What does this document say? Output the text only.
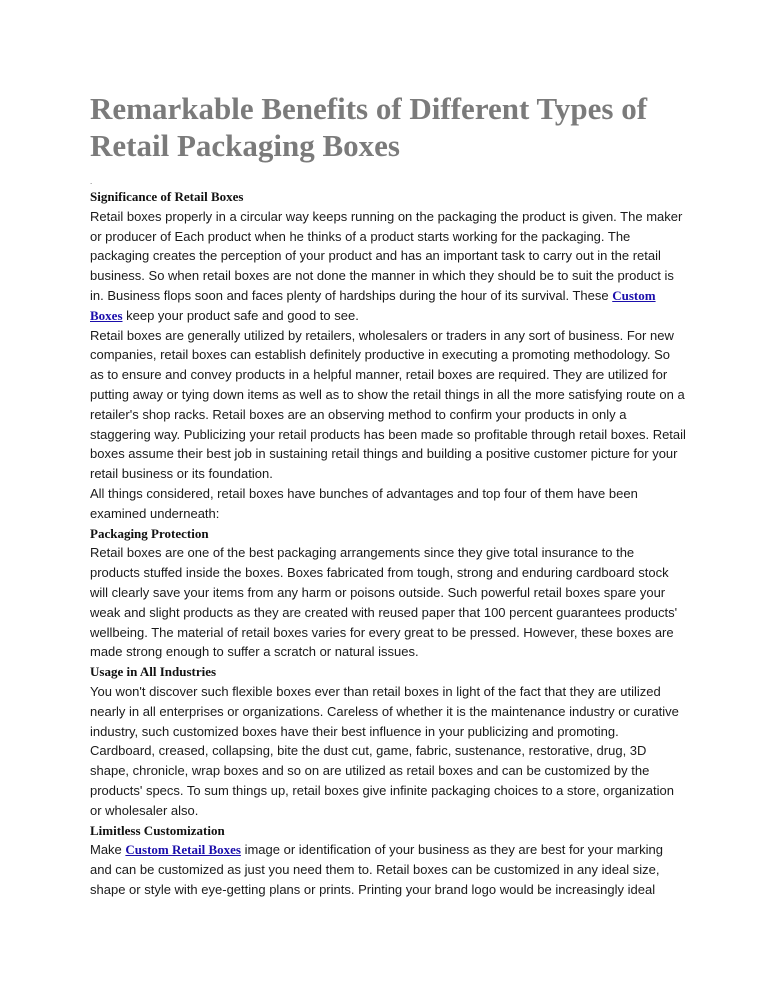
Remarkable Benefits of Different Types of Retail Packaging Boxes
.
Significance of Retail Boxes

Retail boxes properly in a circular way keeps running on the packaging the product is given. The maker or producer of Each product when he thinks of a product starts working for the packaging. The packaging creates the perception of your product and has an important task to carry out in the retail business. So when retail boxes are not done the manner in which they should be to suit the product is in. Business flops soon and faces plenty of hardships during the hour of its survival. These Custom Boxes keep your product safe and good to see.

Retail boxes are generally utilized by retailers, wholesalers or traders in any sort of business. For new companies, retail boxes can establish definitely productive in executing a promoting methodology. So as to ensure and convey products in a helpful manner, retail boxes are required. They are utilized for putting away or tying down items as well as to show the retail things in all the more satisfying route on a retailer's shop racks. Retail boxes are an observing method to confirm your products in only a staggering way. Publicizing your retail products has been made so profitable through retail boxes. Retail boxes assume their best job in sustaining retail things and building a positive customer picture for your retail business or its foundation.

All things considered, retail boxes have bunches of advantages and top four of them have been examined underneath:

Packaging Protection

Retail boxes are one of the best packaging arrangements since they give total insurance to the products stuffed inside the boxes. Boxes fabricated from tough, strong and enduring cardboard stock will clearly save your items from any harm or poisons outside. Such powerful retail boxes spare your weak and slight products as they are created with reused paper that 100 percent guarantees products' wellbeing. The material of retail boxes varies for every great to be pressed. However, these boxes are made strong enough to suffer a scratch or natural issues.

Usage in All Industries

You won't discover such flexible boxes ever than retail boxes in light of the fact that they are utilized nearly in all enterprises or organizations. Careless of whether it is the maintenance industry or curative industry, such customized boxes have their best influence in your publicizing and promoting. Cardboard, creased, collapsing, bite the dust cut, game, fabric, sustenance, restorative, drug, 3D shape, chronicle, wrap boxes and so on are utilized as retail boxes and can be customized by the products' specs. To sum things up, retail boxes give infinite packaging choices to a store, organization or wholesaler also.

Limitless Customization

Make Custom Retail Boxes image or identification of your business as they are best for your marking and can be customized as just you need them to. Retail boxes can be customized in any ideal size, shape or style with eye-getting plans or prints. Printing your brand logo would be increasingly ideal
